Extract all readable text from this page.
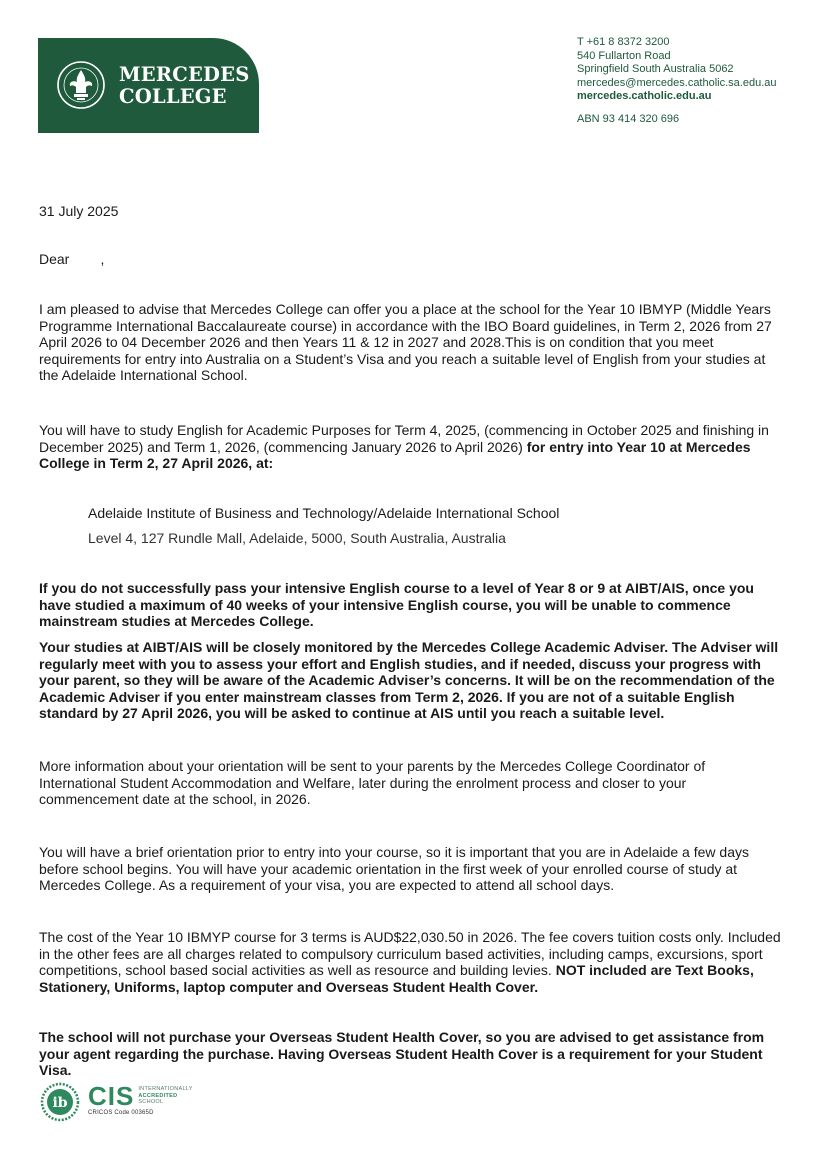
MERCEDES
COLLEGE
T +61 8 8372 3200
540 Fullarton Road
Springfield South Australia 5062
mercedes@mercedes.catholic.sa.edu.au
mercedes.catholic.edu.au
ABN 93 414 320 696
31 July 2025
Dear        ,

I am pleased to advise that Mercedes College can offer you a place at the school for the Year 10 IBMYP (Middle Years Programme International Baccalaureate course) in accordance with the IBO Board guidelines, in Term 2, 2026 from 27 April 2026 to 04 December 2026 and then Years 11 & 12 in 2027 and 2028.This is on condition that you meet requirements for entry into Australia on a Student’s Visa and you reach a suitable level of English from your studies at the Adelaide International School.

You will have to study English for Academic Purposes for Term 4, 2025, (commencing in October 2025 and finishing in December 2025) and Term 1, 2026, (commencing January 2026 to April 2026) for entry into Year 10 at Mercedes College in Term 2, 27 April 2026, at:

Adelaide Institute of Business and Technology/Adelaide International School
Level 4, 127 Rundle Mall, Adelaide, 5000, South Australia, Australia

If you do not successfully pass your intensive English course to a level of Year 8 or 9 at AIBT/AIS, once you have studied a maximum of 40 weeks of your intensive English course, you will be unable to commence mainstream studies at Mercedes College.

Your studies at AIBT/AIS will be closely monitored by the Mercedes College Academic Adviser. The Adviser will regularly meet with you to assess your effort and English studies, and if needed, discuss your progress with your parent, so they will be aware of the Academic Adviser’s concerns. It will be on the recommendation of the Academic Adviser if you enter mainstream classes from Term 2, 2026. If you are not of a suitable English standard by 27 April 2026, you will be asked to continue at AIS until you reach a suitable level.

More information about your orientation will be sent to your parents by the Mercedes College Coordinator of International Student Accommodation and Welfare, later during the enrolment process and closer to your commencement date at the school, in 2026.

You will have a brief orientation prior to entry into your course, so it is important that you are in Adelaide a few days before school begins. You will have your academic orientation in the first week of your enrolled course of study at Mercedes College. As a requirement of your visa, you are expected to attend all school days.

The cost of the Year 10 IBMYP course for 3 terms is AUD$22,030.50 in 2026. The fee covers tuition costs only. Included in the other fees are all charges related to compulsory curriculum based activities, including camps, excursions, sport competitions, school based social activities as well as resource and building levies. NOT included are Text Books, Stationery, Uniforms, laptop computer and Overseas Student Health Cover.

The school will not purchase your Overseas Student Health Cover, so you are advised to get assistance from your agent regarding the purchase. Having Overseas Student Health Cover is a requirement for your Student Visa.

ib CIS INTERNATIONALLY
ACCREDITED
SCHOOL
CRICOS Code 00365D
